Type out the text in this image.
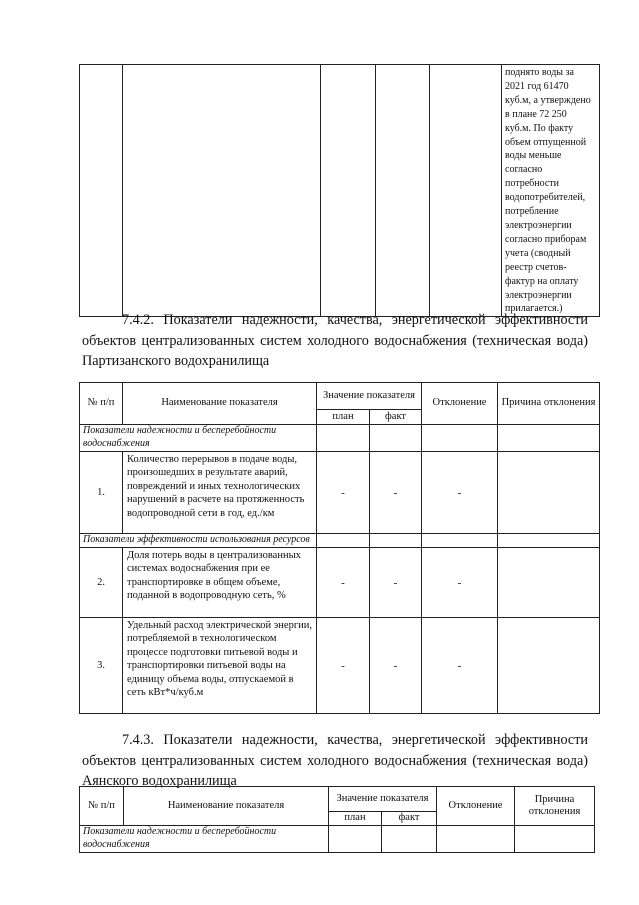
поднято воды за
2021 год 61470
куб.м, а утверждено
в плане 72 250
куб.м. По факту
объем отпущенной
воды меньше
согласно
потребности
водопотребителей,
потребление
электроэнергии
согласно приборам
учета (сводный
реестр счетов-
фактур на оплату
электроэнергии
прилагается.)
7.4.2. Показатели надежности, качества, энергетической эффективности объектов централизованных систем холодного водоснабжения (техническая вода) Партизанского водохранилища
№ п/п	Наименование показателя	Значение показателя		Отклонение	Причина отклонения
		план	факт		
Показатели надежности и бесперебойности водоснабжения					
1.	Количество перерывов в подаче воды, произошедших в результате аварий, повреждений и иных технологических нарушений в расчете на протяженность водопроводной сети в год, ед./км	-	-	-	
Показатели эффективности использования ресурсов					
2.	Доля потерь воды в централизованных системах водоснабжения при ее транспортировке в общем объеме, поданной в водопроводную сеть, %	-	-	-	
3.	Удельный расход электрической энергии, потребляемой в технологическом процессе подготовки питьевой воды и транспортировки питьевой воды на единицу объема воды, отпускаемой в сеть кВт*ч/куб.м	-	-	-	
7.4.3. Показатели надежности, качества, энергетической эффективности объектов централизованных систем холодного водоснабжения (техническая вода) Аянского водохранилища
№ п/п	Наименование показателя	Значение показателя		Отклонение	Причина отклонения
		план	факт		
Показатели надежности и бесперебойности водоснабжения					
